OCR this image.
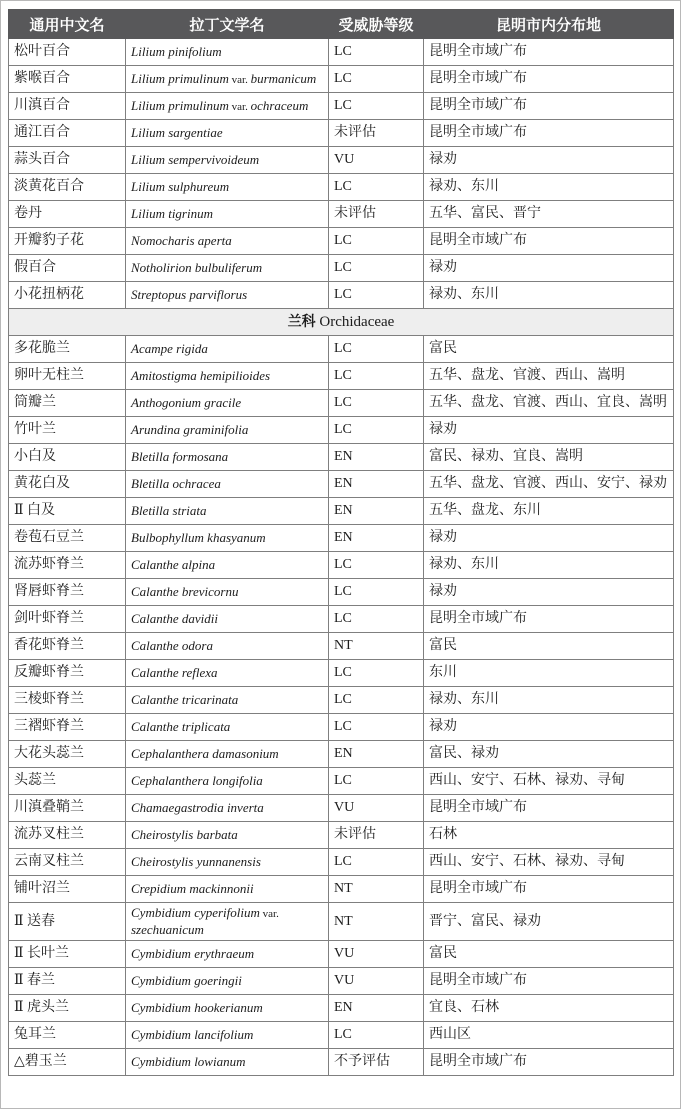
通用中文名	拉丁文学名	受威胁等级	昆明市内分布地
松叶百合	Lilium pinifolium	LC	昆明全市域广布
紫喉百合	Lilium primulinum var. burmanicum	LC	昆明全市域广布
川滇百合	Lilium primulinum var. ochraceum	LC	昆明全市域广布
通江百合	Lilium sargentiae	未评估	昆明全市域广布
蒜头百合	Lilium sempervivoideum	VU	禄劝
淡黄花百合	Lilium sulphureum	LC	禄劝、东川
卷丹	Lilium tigrinum	未评估	五华、富民、晋宁
开瓣豹子花	Nomocharis aperta	LC	昆明全市域广布
假百合	Notholirion bulbuliferum	LC	禄劝
小花扭柄花	Streptopus parviflorus	LC	禄劝、东川
兰科 Orchidaceae			
多花脆兰	Acampe rigida	LC	富民
卵叶无柱兰	Amitostigma hemipilioides	LC	五华、盘龙、官渡、西山、嵩明
筒瓣兰	Anthogonium gracile	LC	五华、盘龙、官渡、西山、宜良、嵩明
竹叶兰	Arundina graminifolia	LC	禄劝
小白及	Bletilla formosana	EN	富民、禄劝、宜良、嵩明
黄花白及	Bletilla ochracea	EN	五华、盘龙、官渡、西山、安宁、禄劝
Ⅱ 白及	Bletilla striata	EN	五华、盘龙、东川
卷苞石豆兰	Bulbophyllum khasyanum	EN	禄劝
流苏虾脊兰	Calanthe alpina	LC	禄劝、东川
肾唇虾脊兰	Calanthe brevicornu	LC	禄劝
剑叶虾脊兰	Calanthe davidii	LC	昆明全市域广布
香花虾脊兰	Calanthe odora	NT	富民
反瓣虾脊兰	Calanthe reflexa	LC	东川
三棱虾脊兰	Calanthe tricarinata	LC	禄劝、东川
三褶虾脊兰	Calanthe triplicata	LC	禄劝
大花头蕊兰	Cephalanthera damasonium	EN	富民、禄劝
头蕊兰	Cephalanthera longifolia	LC	西山、安宁、石林、禄劝、寻甸
川滇叠鞘兰	Chamaegastrodia inverta	VU	昆明全市域广布
流苏叉柱兰	Cheirostylis barbata	未评估	石林
云南叉柱兰	Cheirostylis yunnanensis	LC	西山、安宁、石林、禄劝、寻甸
铺叶沼兰	Crepidium mackinnonii	NT	昆明全市域广布
Ⅱ 送春	Cymbidium cyperifolium var. szechuanicum	NT	晋宁、富民、禄劝
Ⅱ 长叶兰	Cymbidium erythraeum	VU	富民
Ⅱ 春兰	Cymbidium goeringii	VU	昆明全市域广布
Ⅱ 虎头兰	Cymbidium hookerianum	EN	宜良、石林
兔耳兰	Cymbidium lancifolium	LC	西山区
△碧玉兰	Cymbidium lowianum	不予评估	昆明全市域广布
